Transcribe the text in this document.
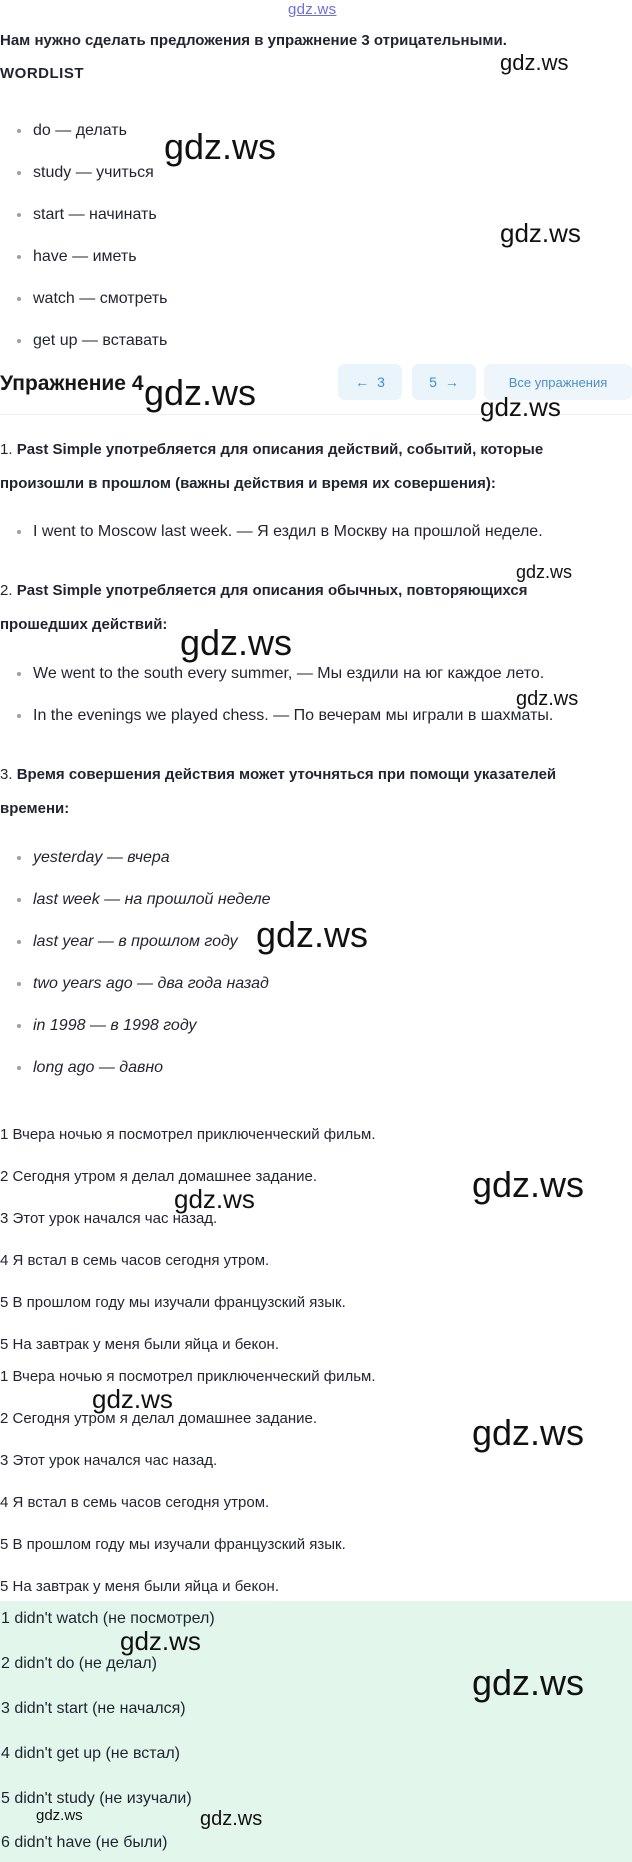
gdz.ws
Нам нужно сделать предложения в упражнение 3 отрицательными.
WORDLIST
do — делать
study — учиться
start — начинать
have — иметь
watch — смотреть
get up — вставать
Упражнение 4	← 3	5 →	Все упражнения
1. Past Simple употребляется для описания действий, событий, которые произошли в прошлом (важны действия и время их совершения):
I went to Moscow last week. — Я ездил в Москву на прошлой неделе.
2. Past Simple употребляется для описания обычных, повторяющихся прошедших действий:
We went to the south every summer, — Мы ездили на юг каждое лето.
In the evenings we played chess. — По вечерам мы играли в шахматы.
3. Время совершения действия может уточняться при помощи указателей времени:
yesterday — вчера
last week — на прошлой неделе
last year — в прошлом году
two years ago — два года назад
in 1998 — в 1998 году
long ago — давно
1 Вчера ночью я посмотрел приключенческий фильм.
2 Сегодня утром я делал домашнее задание.
3 Этот урок начался час назад.
4 Я встал в семь часов сегодня утром.
5 В прошлом году мы изучали французский язык.
5 На завтрак у меня были яйца и бекон.
1 Вчера ночью я посмотрел приключенческий фильм.
2 Сегодня утром я делал домашнее задание.
3 Этот урок начался час назад.
4 Я встал в семь часов сегодня утром.
5 В прошлом году мы изучали французский язык.
5 На завтрак у меня были яйца и бекон.
1 didn't watch (не посмотрел)
2 didn't do (не делал)
3 didn't start (не начался)
4 didn't get up (не встал)
5 didn't study (не изучали)
6 didn't have (не были)
gdz.ws
gdz.ws
gdz.ws
gdz.ws	gdz.ws
gdz.ws
gdz.ws
gdz.ws
gdz.ws
gdz.ws
gdz.ws
gdz.ws
gdz.ws
gdz.ws
gdz.ws
gdz.ws	gdz.ws
